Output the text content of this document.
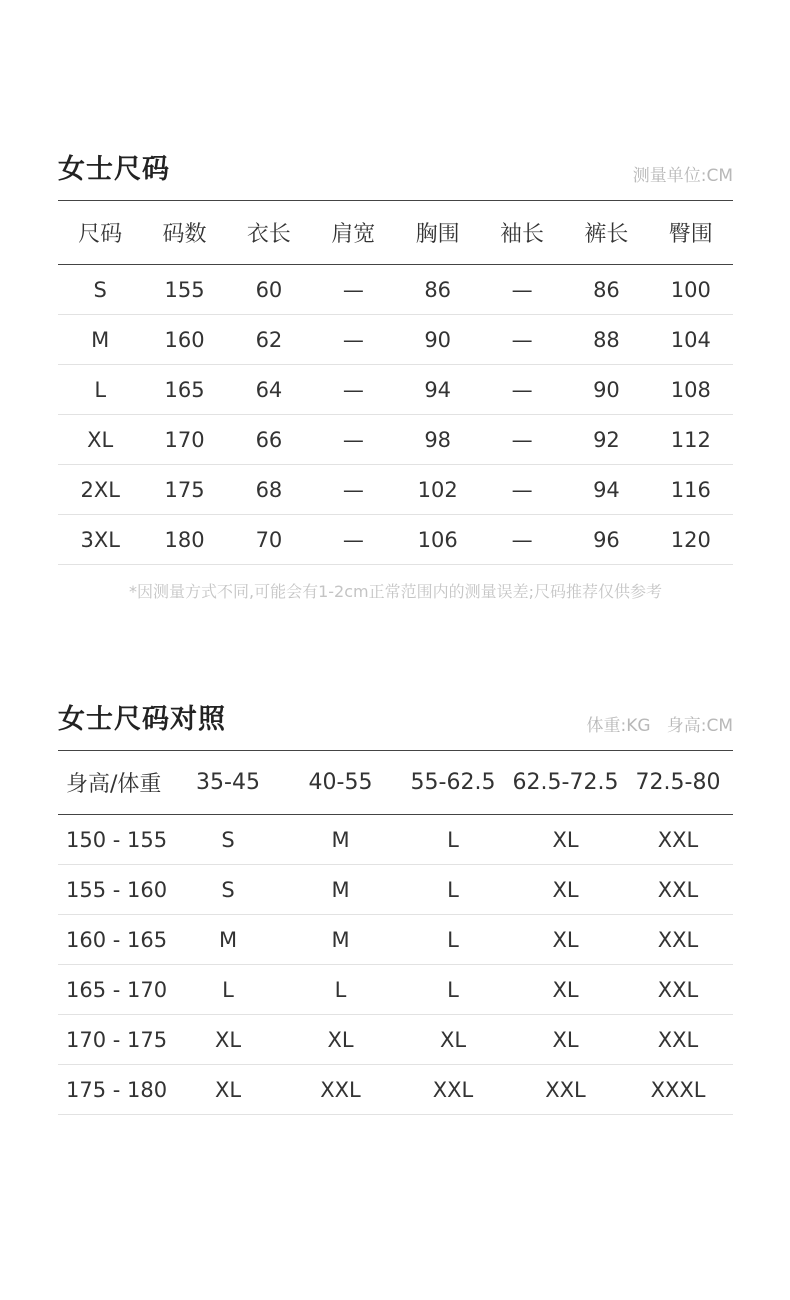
女士尺码	测量单位:CM
尺码	码数	衣长	肩宽	胸围	袖长	裤长	臀围
S	155	60	—	86	—	86	100
M	160	62	—	90	—	88	104
L	165	64	—	94	—	90	108
XL	170	66	—	98	—	92	112
2XL	175	68	—	102	—	94	116
3XL	180	70	—	106	—	96	120
*因测量方式不同,可能会有1-2cm正常范围内的测量误差;尺码推荐仅供参考
女士尺码对照	体重:KG   身高:CM
身高/体重	35-45	40-55	55-62.5	62.5-72.5	72.5-80
150 - 155	S	M	L	XL	XXL
155 - 160	S	M	L	XL	XXL
160 - 165	M	M	L	XL	XXL
165 - 170	L	L	L	XL	XXL
170 - 175	XL	XL	XL	XL	XXL
175 - 180	XL	XXL	XXL	XXL	XXXL
